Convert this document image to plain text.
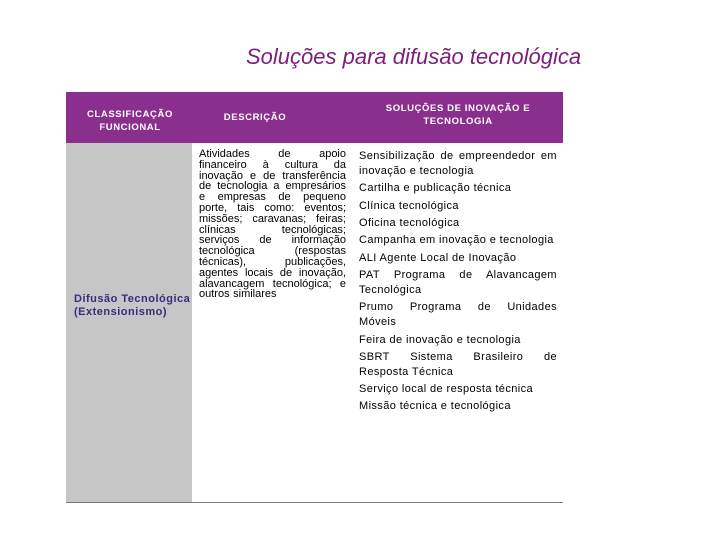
Soluções para difusão tecnológica
CLASSIFICAÇÃO FUNCIONAL
DESCRIÇÃO
SOLUÇÕES DE INOVAÇÃO E TECNOLOGIA
Difusão Tecnológica (Extensionismo)
Atividades de apoio financeiro à cultura da inovação e de transferência de tecnologia a empresários e empresas de pequeno porte, tais como: eventos; missões; caravanas; feiras; clínicas tecnológicas; serviços de informação tecnológica (respostas técnicas), publicações, agentes locais de inovação, alavancagem tecnológica; e outros similares
Sensibilização de empreendedor em inovação e tecnologia
Cartilha e publicação técnica
Clínica tecnológica
Oficina tecnológica
Campanha em inovação e tecnologia
ALI Agente Local de Inovação
PAT Programa de Alavancagem Tecnológica
Prumo Programa de Unidades Móveis
Feira de inovação e tecnologia
SBRT Sistema Brasileiro de Resposta Técnica
Serviço local de resposta técnica
Missão técnica e tecnológica
